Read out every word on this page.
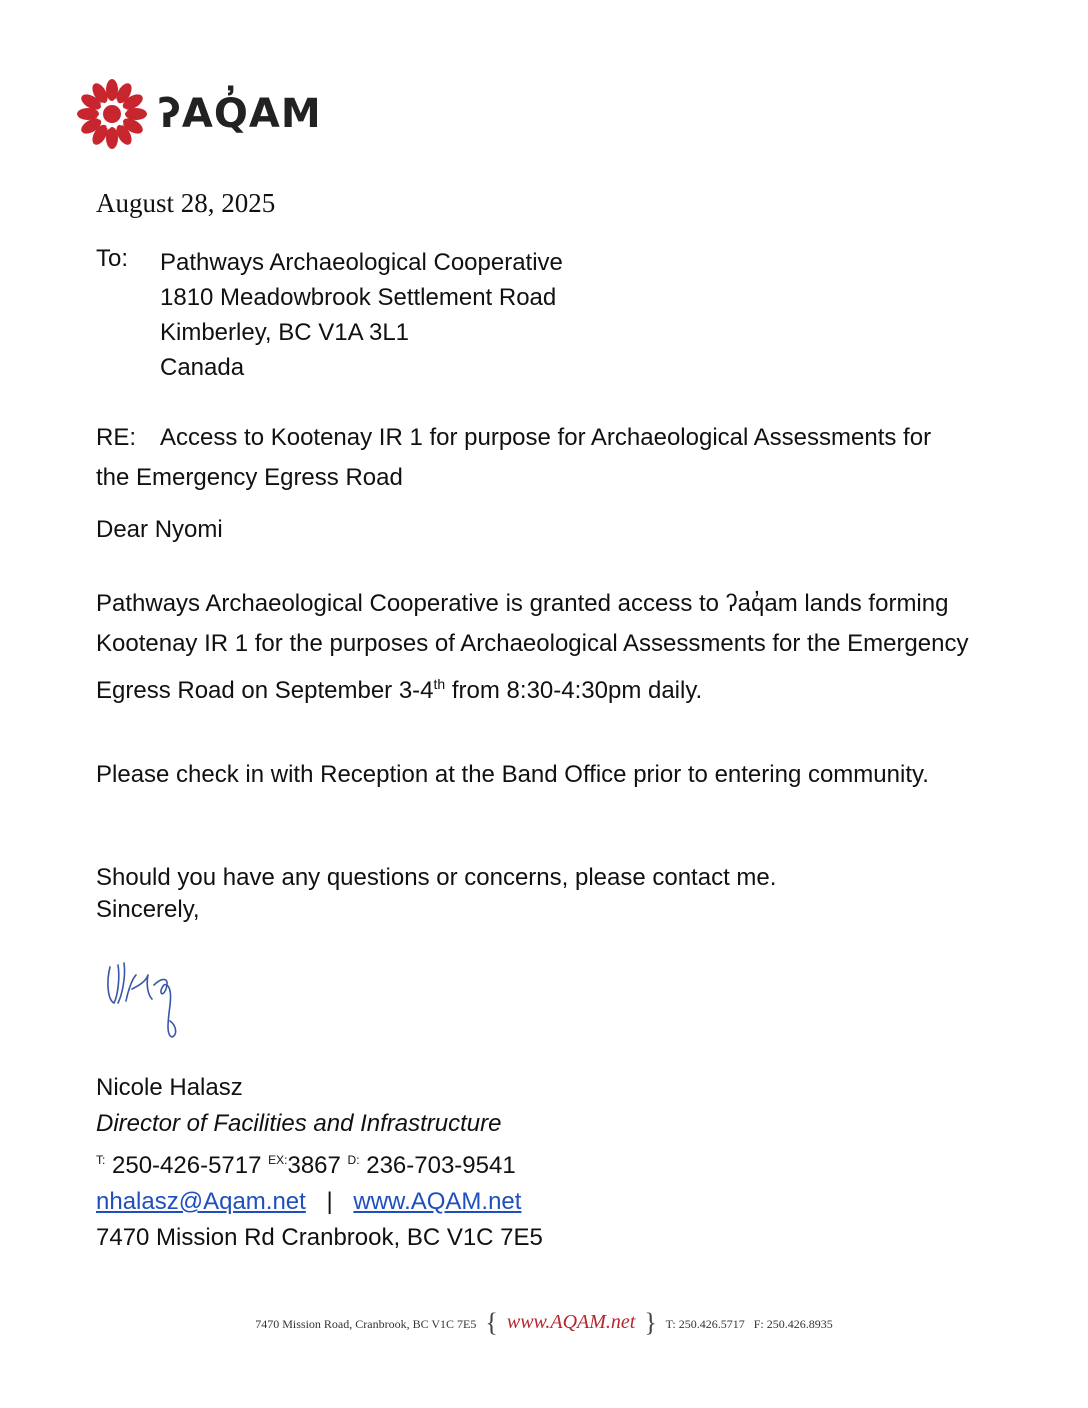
ʔAQ̓AM
August 28, 2025
To: Pathways Archaeological Cooperative
1810 Meadowbrook Settlement Road
Kimberley, BC V1A 3L1
Canada
RE: Access to Kootenay IR 1 for purpose for Archaeological Assessments for
the Emergency Egress Road
Dear Nyomi
Pathways Archaeological Cooperative is granted access to ʔaq̓am lands forming Kootenay IR 1 for the purposes of Archaeological Assessments for the Emergency Egress Road on September 3-4th from 8:30-4:30pm daily.
Please check in with Reception at the Band Office prior to entering community.
Should you have any questions or concerns, please contact me.
Sincerely,
Nicole Halasz
Director of Facilities and Infrastructure
$^{T:}$ 250-426-5717 $^{EX:}$3867 $^{D:}$ 236-703-9541
nhalasz@Aqam.net | www.AQAM.net
7470 Mission Rd Cranbrook, BC V1C 7E5
7470 Mission Road, Cranbrook, BC V1C 7E5 { www.AQAM.net } T: 250.426.5717 F: 250.426.8935
